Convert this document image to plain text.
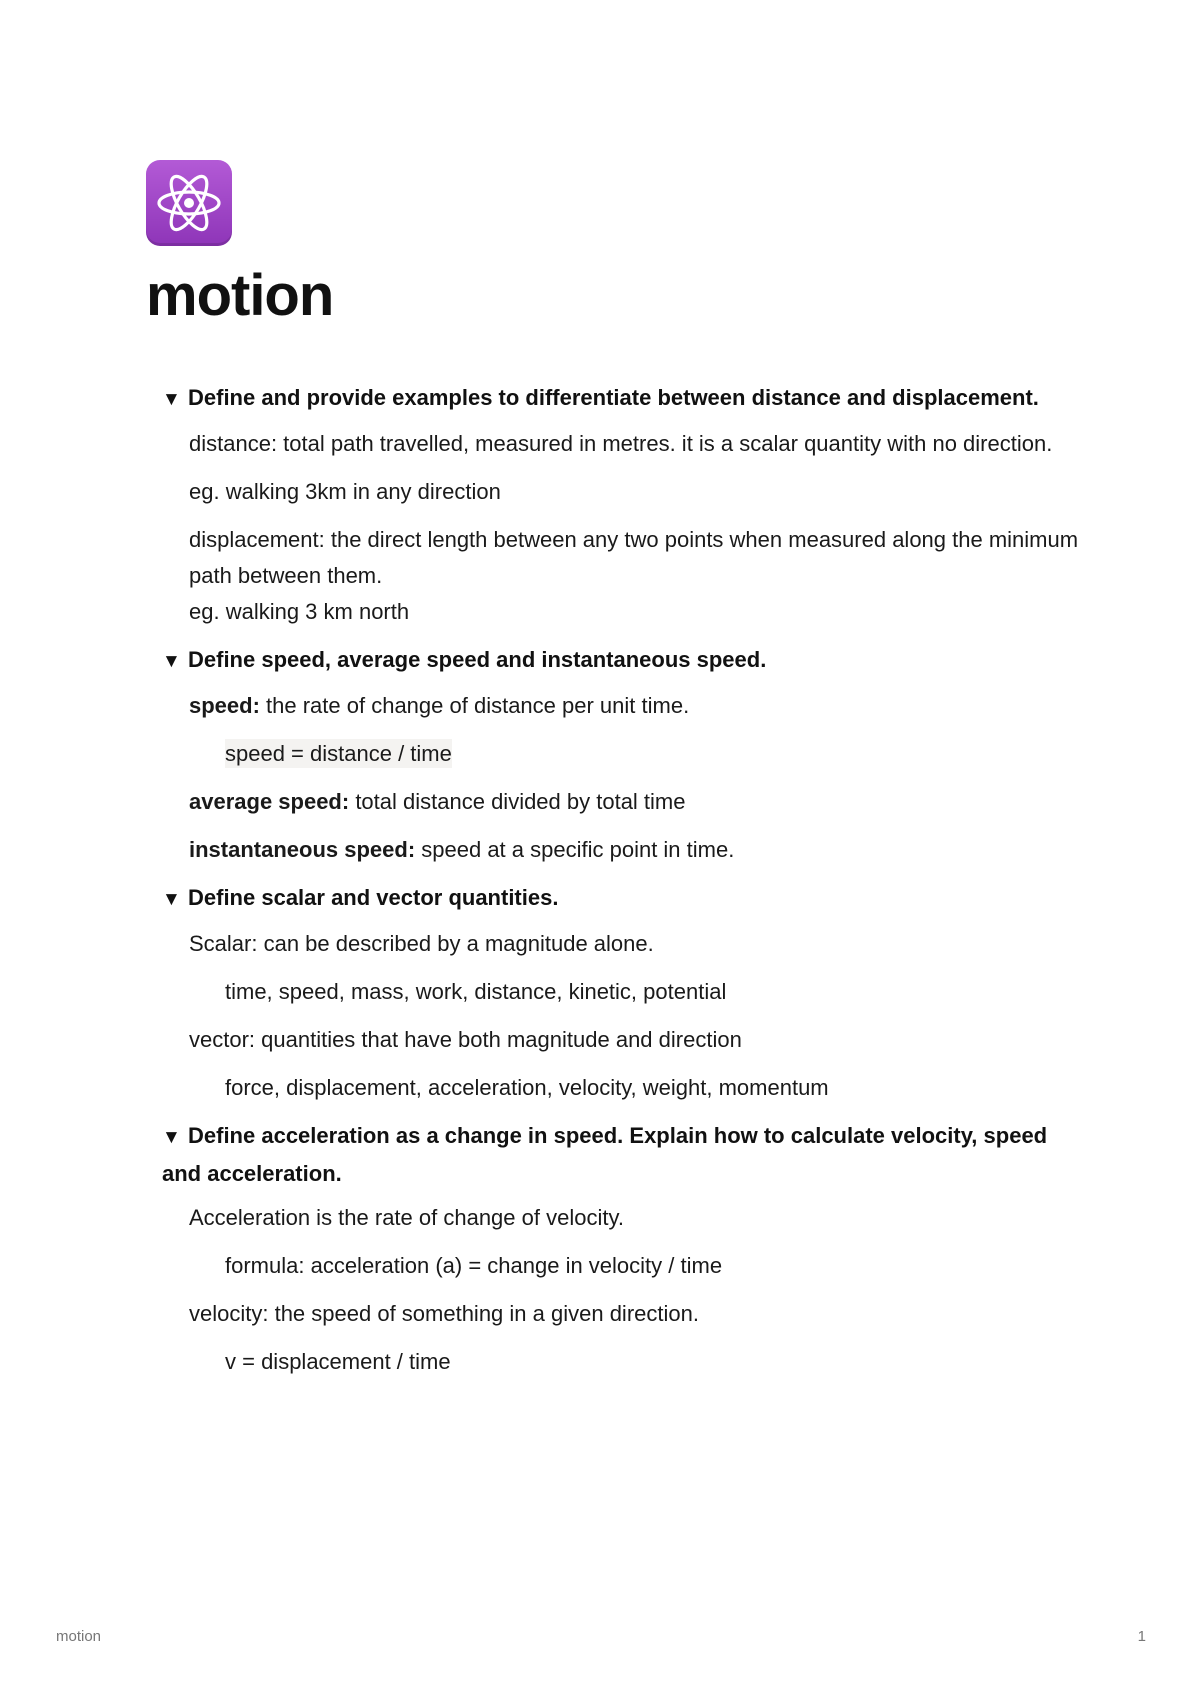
motion
▼ Define and provide examples to differentiate between distance and displacement.

distance: total path travelled, measured in metres. it is a scalar quantity with no direction.

eg. walking 3km in any direction

displacement: the direct length between any two points when measured along the minimum path between them.

eg. walking 3 km north

▼ Define speed, average speed and instantaneous speed.

speed: the rate of change of distance per unit time.

speed = distance / time

average speed: total distance divided by total time

instantaneous speed: speed at a specific point in time.

▼ Define scalar and vector quantities.

Scalar: can be described by a magnitude alone.

time, speed, mass, work, distance, kinetic, potential

vector: quantities that have both magnitude and direction

force, displacement, acceleration, velocity, weight, momentum

▼ Define acceleration as a change in speed. Explain how to calculate velocity, speed and acceleration.

Acceleration is the rate of change of velocity.

formula: acceleration (a) = change in velocity / time

velocity: the speed of something in a given direction.

v = displacement / time

motion	1
